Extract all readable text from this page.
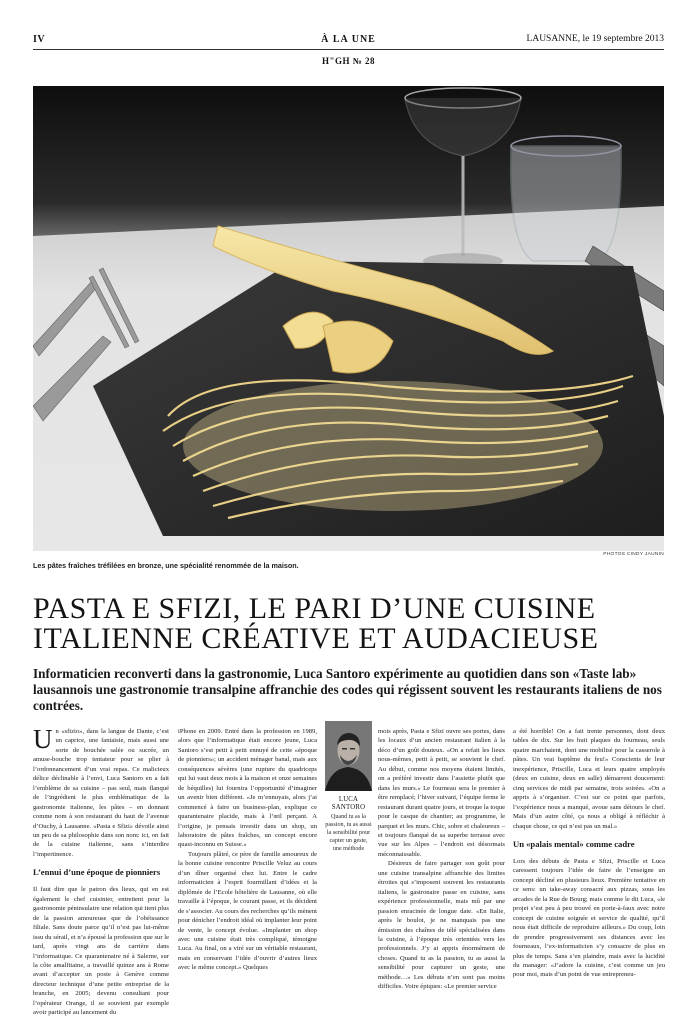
IV	À LA UNE	LAUSANNE, le 19 septembre 2013
H"GH № 28
PHOTOS CINDY JAUNIN
Les pâtes fraîches tréfilées en bronze, une spécialité renommée de la maison.
PASTA E SFIZI, LE PARI D’UNE CUISINE
ITALIENNE CRÉATIVE ET AUDACIEUSE
Informaticien reconverti dans la gastronomie, Luca Santoro expérimente au quotidien dans son «Taste lab» lausannois une gastronomie transalpine affranchie des codes qui régissent souvent les restaurants italiens de nos contrées.

Un «sfizio», dans la langue de Dante, c’est un caprice, une fantaisie, mais aussi une sorte de bouchée salée ou sucrée, un amuse-bouche trop tentateur pour se plier à l’ordonnancement d’un vrai repas. Ce malicieux délice déclinable à l’envi, Luca Santoro en a fait l’emblème de sa cuisine – pas seul, mais flanqué de l’ingrédient le plus emblématique de la gastronomie italienne, les pâtes – en donnant comme nom à son restaurant du haut de l’avenue d’Ouchy, à Lausanne. «Pasta e Sfizi» dévoile ainsi un peu de sa philosophie dans son nom: ici, on fait de la cuisine italienne, sans s’interdire l’impertinence.

L’ennui d’une époque de pionniers

Il faut dire que le patron des lieux, qui en est également le chef cuisinier, entretient pour la gastronomie péninsulaire une relation qui tient plus de la passion amoureuse que de l’obéissance filiale. Sans doute parce qu’il n’est pas lui-même issu du sérail, et n’a épousé la profession que sur le tard, après vingt ans de carrière dans l’informatique. Ce quarantenaire né à Salerne, sur la côte amalfitaine, a travaillé quinze ans à Rome avant d’accepter un poste à Genève comme directeur technique d’une petite entreprise de la branche, en 2005; devenu consultant pour l’opérateur Orange, il se souvient par exemple avoir participé au lancement du

iPhone en 2009. Entré dans la profession en 1989, alors que l’informatique était encore jeune, Luca Santoro s’est petit à petit ennuyé de cette «époque de pionniers»; un accident ménager banal, mais aux conséquences sévères (une rupture du quadriceps qui lui vaut deux mois à la maison et onze semaines de béquilles) lui fournira l’opportunité d’imaginer un avenir bien différent. «Je m’ennuyais, alors j’ai commencé à faire un business-plan, explique ce quarantenaire placide, mais à l’œil perçant. A l’origine, je pensais investir dans un shop, un laboratoire de pâtes fraîches, un concept encore quasi-inconnu en Suisse.»

Toujours plâtré, ce père de famille amoureux de la bonne cuisine rencontre Priscille Veluz au cours d’un dîner organisé chez lui. Entre le cadre informaticien à l’esprit fourmillant d’idées et la diplômée de l’Ecole hôtelière de Lausanne, où elle travaille à l’époque, le courant passe, et ils décident de s’associer. Au cours des recherches qu’ils mènent pour dénicher l’endroit idéal où implanter leur point de vente, le concept évolue. «Implanter un shop avec une cuisine était très compliqué, témoigne Luca. Au final, on a viré sur un véritable restaurant, mais en conservant l’idée d’ouvrir d’autres lieux avec le même concept.» Quelques

LUCA
SANTORO
Quand tu as la passion, tu as aussi la sensibilité pour capter un geste, une méthode

mois après, Pasta e Sfizi ouvre ses portes, dans les locaux d’un ancien restaurant italien à la déco d’un goût douteux. «On a refait les lieux nous-mêmes, petit à petit, se souvient le chef. Au début, comme nos moyens étaient limités, on a préféré investir dans l’assiette plutôt que dans les murs.» Le fourneau sera le premier à être remplacé; l’hiver suivant, l’équipe ferme le restaurant durant quatre jours, et troque la toque pour le casque de chantier; au programme, le parquet et les murs. Chic, sobre et chaleureux – et toujours flanqué de sa superbe terrasse avec vue sur les Alpes – l’endroit est désormais méconnaissable.

Désireux de faire partager son goût pour une cuisine transalpine affranchie des limites étroites qui s’imposent souvent les restaurants italiens, le gastronaire passe en cuisine, sans expérience professionnelle, mais mû par une passion enracinée de longue date. «En Italie, après le boulot, je ne manquais pas une émission des chaînes de télé spécialisées dans la cuisine, à l’époque très orientées vers les professionnels. J’y ai appris énormément de choses. Quand tu as la passion, tu as aussi la sensibilité pour capturer un geste, une méthode…» Les débuts n’en sont pas moins difficiles. Voire épiques: «Le premier service

a été horrible! On a fait trente personnes, dont deux tables de dix. Sur les huit plaques du fourneau, seuls quatre marchaient, dont une mobilisé pour la casserole à pâtes. Un vrai baptême du feu!» Conscients de leur inexpérience, Priscille, Luca et leurs quatre employés (deux en cuisine, deux en salle) démarrent doucement: cinq services de midi par semaine, trois soirées. «On a appris à s’organiser. C’est sur ce point que parfois, l’expérience nous a manqué, avoue sans détours le chef. Mais d’un autre côté, ça nous a obligé à réfléchir à chaque chose, ce qui n’est pas un mal.»

Un «palais mental» comme cadre

Lors des débuts de Pasta e Sfizi, Priscille et Luca caressent toujours l’idée de faire de l’enseigne un concept décliné en plusieurs lieux. Première tentative en ce sens: un take-away consacré aux pizzas, sous les arcades de la Rue de Bourg; mais comme le dit Luca, «le projet s’est peu à peu trouvé en porte-à-faux avec notre concept de cuisine soignée et service de qualité, qu’il nous était difficile de reproduire ailleurs.» Du coup, loin de prendre progressivement ses distances avec les fourneaux, l’ex-informaticien s’y consacre de plus en plus de temps. Sans s’en plaindre, mais avec la lucidité du manager: «J’adore la cuisine, c’est comme un jeu pour moi, mais d’un point de vue entrepreneu-
